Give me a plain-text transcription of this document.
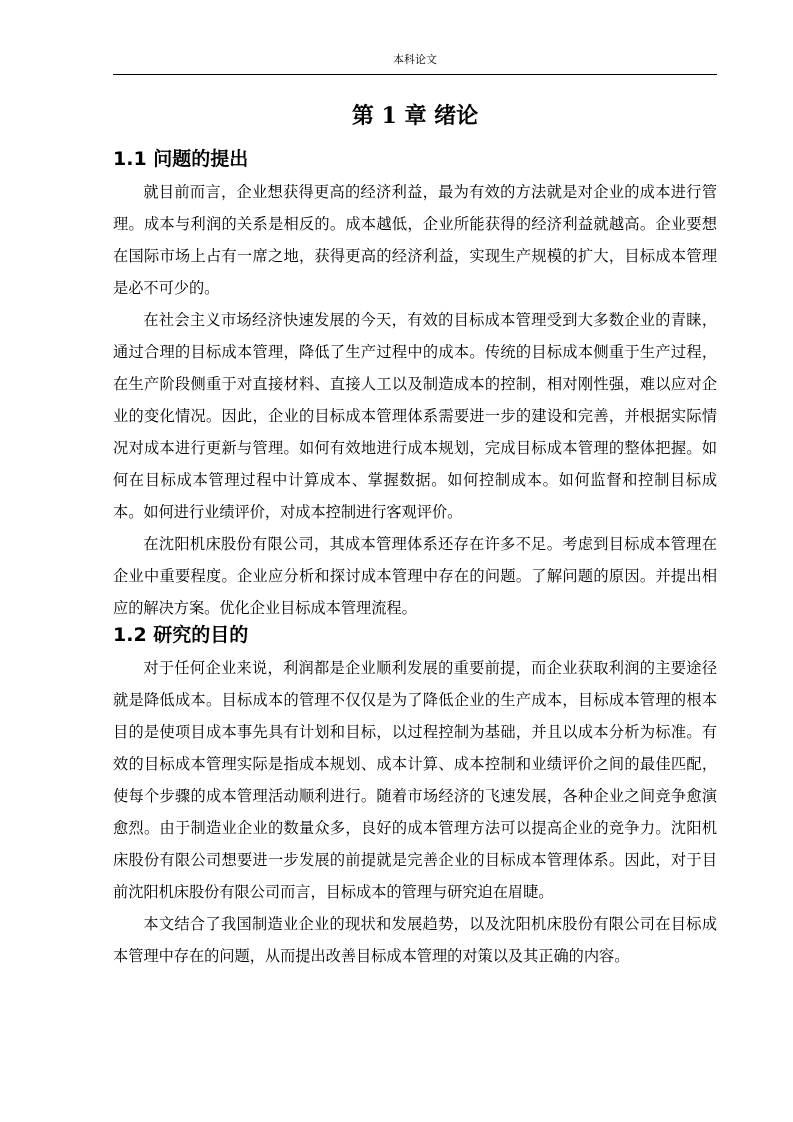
本科论文
第 1 章 绪论
1.1 问题的提出

就目前而言，企业想获得更高的经济利益，最为有效的方法就是对企业的成本进行管理。成本与利润的关系是相反的。成本越低，企业所能获得的经济利益就越高。企业要想在国际市场上占有一席之地，获得更高的经济利益，实现生产规模的扩大，目标成本管理是必不可少的。

在社会主义市场经济快速发展的今天，有效的目标成本管理受到大多数企业的青睐，通过合理的目标成本管理，降低了生产过程中的成本。传统的目标成本侧重于生产过程，在生产阶段侧重于对直接材料、直接人工以及制造成本的控制，相对刚性强，难以应对企业的变化情况。因此，企业的目标成本管理体系需要进一步的建设和完善，并根据实际情况对成本进行更新与管理。如何有效地进行成本规划，完成目标成本管理的整体把握。如何在目标成本管理过程中计算成本、掌握数据。如何控制成本。如何监督和控制目标成本。如何进行业绩评价，对成本控制进行客观评价。

在沈阳机床股份有限公司，其成本管理体系还存在许多不足。考虑到目标成本管理在企业中重要程度。企业应分析和探讨成本管理中存在的问题。了解问题的原因。并提出相应的解决方案。优化企业目标成本管理流程。

1.2 研究的目的

对于任何企业来说，利润都是企业顺利发展的重要前提，而企业获取利润的主要途径就是降低成本。目标成本的管理不仅仅是为了降低企业的生产成本，目标成本管理的根本目的是使项目成本事先具有计划和目标，以过程控制为基础，并且以成本分析为标准。有效的目标成本管理实际是指成本规划、成本计算、成本控制和业绩评价之间的最佳匹配，使每个步骤的成本管理活动顺利进行。随着市场经济的飞速发展，各种企业之间竞争愈演愈烈。由于制造业企业的数量众多，良好的成本管理方法可以提高企业的竞争力。沈阳机床股份有限公司想要进一步发展的前提就是完善企业的目标成本管理体系。因此，对于目前沈阳机床股份有限公司而言，目标成本的管理与研究迫在眉睫。

本文结合了我国制造业企业的现状和发展趋势，以及沈阳机床股份有限公司在目标成本管理中存在的问题，从而提出改善目标成本管理的对策以及其正确的内容。
